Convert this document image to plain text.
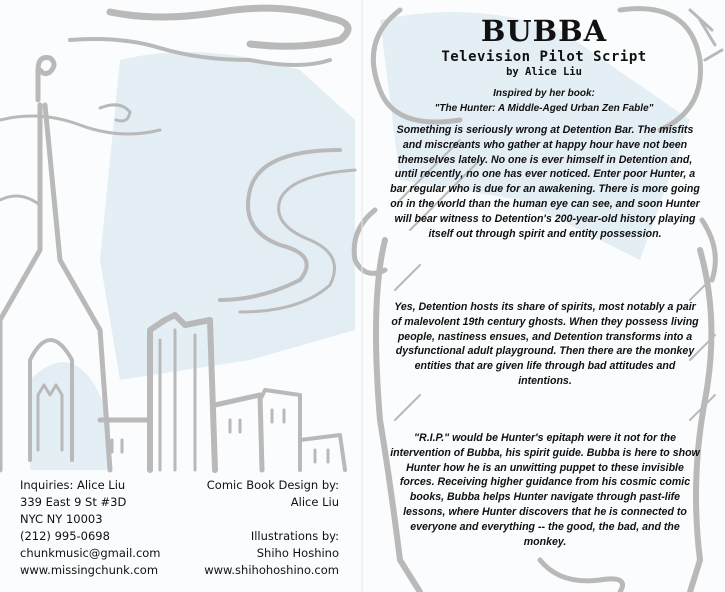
BUBBA
Television Pilot Script
by Alice Liu
Inspired by her book:
"The Hunter: A Middle-Aged Urban Zen Fable"

Something is seriously wrong at Detention Bar. The misfits and miscreants who gather at happy hour have not been themselves lately. No one is ever himself in Detention and, until recently, no one has ever noticed. Enter poor Hunter, a bar regular who is due for an awakening. There is more going on in the world than the human eye can see, and soon Hunter will bear witness to Detention's 200-year-old history playing itself out through spirit and entity possession.

Yes, Detention hosts its share of spirits, most notably a pair of malevolent 19th century ghosts. When they possess living people, nastiness ensues, and Detention transforms into a dysfunctional adult playground. Then there are the monkey entities that are given life through bad attitudes and intentions.

"R.I.P." would be Hunter's epitaph were it not for the intervention of Bubba, his spirit guide. Bubba is here to show Hunter how he is an unwitting puppet to these invisible forces. Receiving higher guidance from his cosmic comic books, Bubba helps Hunter navigate through past-life lessons, where Hunter discovers that he is connected to everyone and everything -- the good, the bad, and the monkey.

Inquiries: Alice Liu
339 East 9 St #3D
NYC NY 10003
(212) 995-0698
chunkmusic@gmail.com
www.missingchunk.com
Comic Book Design by:
Alice Liu
Illustrations by:
Shiho Hoshino
www.shihohoshino.com
